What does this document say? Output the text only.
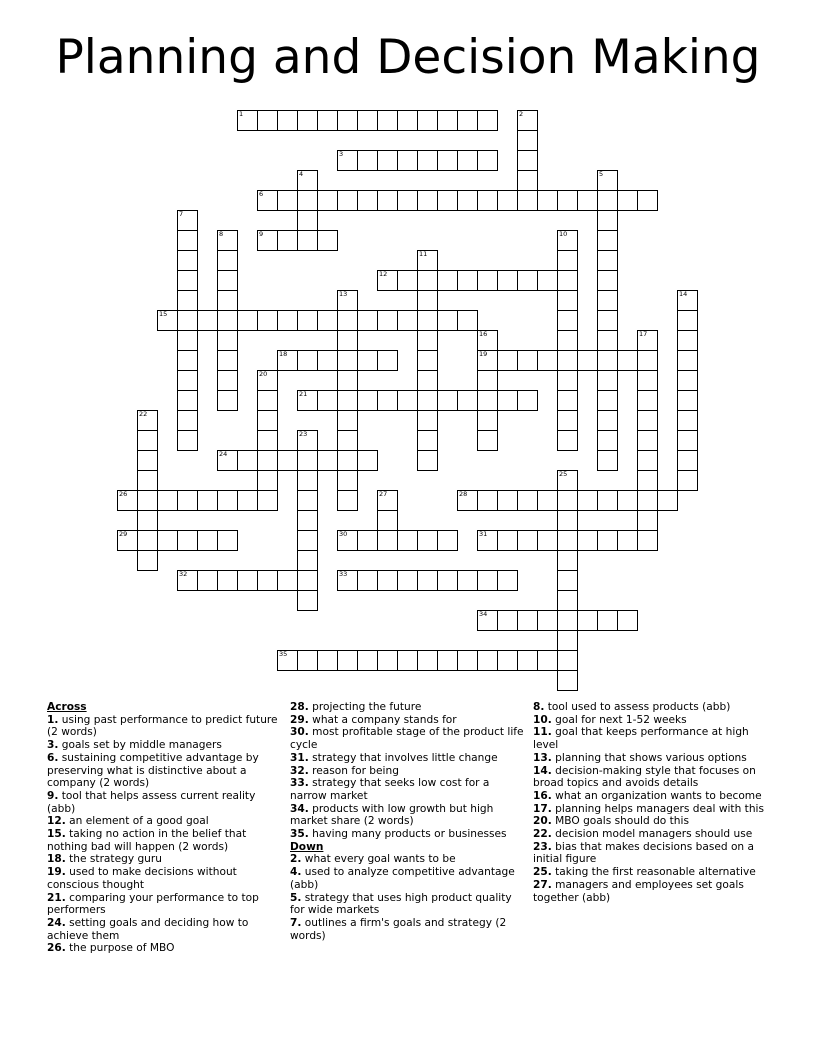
Planning and Decision Making
1	2
3
4	5
6
7
8	9	10
11
12
13	14
15
16
19
17
18
20
21
22
23
24
25
26	27	28
29	30	31
32	33
34
35
Across
1. using past performance to predict future (2 words)
3. goals set by middle managers
6. sustaining competitive advantage by preserving what is distinctive about a company (2 words)
9. tool that helps assess current reality (abb)
12. an element of a good goal
15. taking no action in the belief that nothing bad will happen (2 words)
18. the strategy guru
19. used to make decisions without conscious thought
21. comparing your performance to top performers
24. setting goals and deciding how to achieve them
26. the purpose of MBO
28. projecting the future
29. what a company stands for
30. most profitable stage of the product life cycle
31. strategy that involves little change
32. reason for being
33. strategy that seeks low cost for a narrow market
34. products with low growth but high market share (2 words)
35. having many products or businesses
Down
2. what every goal wants to be
4. used to analyze competitive advantage (abb)
5. strategy that uses high product quality for wide markets
7. outlines a firm's goals and strategy (2 words)
8. tool used to assess products (abb)
10. goal for next 1-52 weeks
11. goal that keeps performance at high level
13. planning that shows various options
14. decision-making style that focuses on broad topics and avoids details
16. what an organization wants to become
17. planning helps managers deal with this
20. MBO goals should do this
22. decision model managers should use
23. bias that makes decisions based on a initial figure
25. taking the first reasonable alternative
27. managers and employees set goals together (abb)
